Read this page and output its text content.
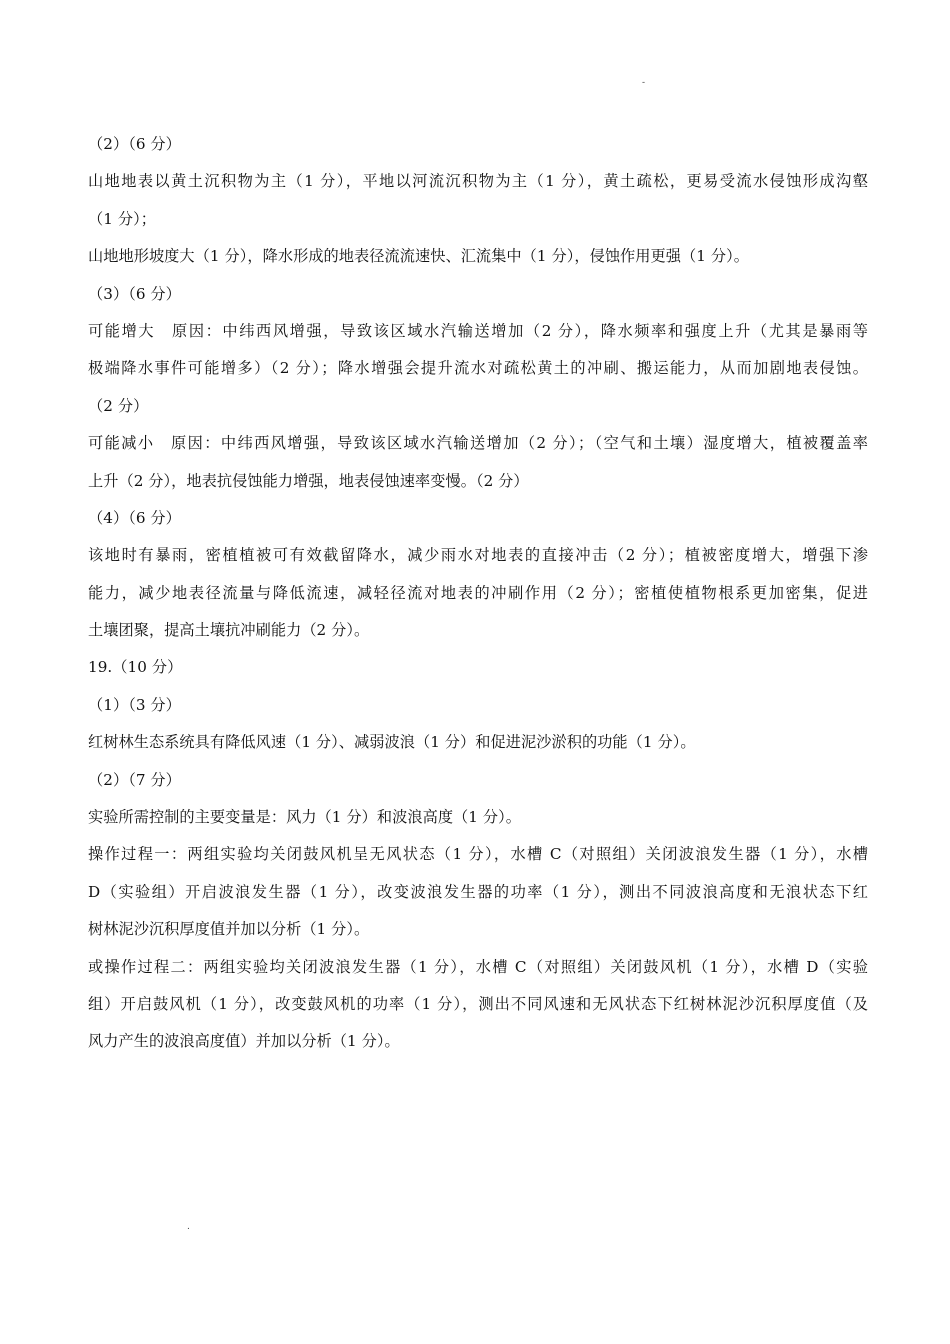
-
（2）（6 分）
山地地表以黄土沉积物为主（1 分），平地以河流沉积物为主（1 分），黄土疏松，更易受流水侵蚀形成沟壑
（1 分）；
山地地形坡度大（1 分），降水形成的地表径流流速快、汇流集中（1 分），侵蚀作用更强（1 分）。
（3）（6 分）
可能增大　原因：中纬西风增强，导致该区域水汽输送增加（2 分），降水频率和强度上升（尤其是暴雨等
极端降水事件可能增多）（2 分）；降水增强会提升流水对疏松黄土的冲刷、搬运能力，从而加剧地表侵蚀。
（2 分）
可能减小　原因：中纬西风增强，导致该区域水汽输送增加（2 分）；（空气和土壤）湿度增大，植被覆盖率
上升（2 分），地表抗侵蚀能力增强，地表侵蚀速率变慢。（2 分）
（4）（6 分）
该地时有暴雨，密植植被可有效截留降水，减少雨水对地表的直接冲击（2 分）；植被密度增大，增强下渗
能力，减少地表径流量与降低流速，减轻径流对地表的冲刷作用（2 分）；密植使植物根系更加密集，促进
土壤团聚，提高土壤抗冲刷能力（2 分）。
19.（10 分）
（1）（3 分）
红树林生态系统具有降低风速（1 分）、减弱波浪（1 分）和促进泥沙淤积的功能（1 分）。
（2）（7 分）
实验所需控制的主要变量是：风力（1 分）和波浪高度（1 分）。
操作过程一：两组实验均关闭鼓风机呈无风状态（1 分），水槽 C（对照组）关闭波浪发生器（1 分），水槽
D（实验组）开启波浪发生器（1 分），改变波浪发生器的功率（1 分），测出不同波浪高度和无浪状态下红
树林泥沙沉积厚度值并加以分析（1 分）。
或操作过程二：两组实验均关闭波浪发生器（1 分），水槽 C（对照组）关闭鼓风机（1 分），水槽 D（实验
组）开启鼓风机（1 分），改变鼓风机的功率（1 分），测出不同风速和无风状态下红树林泥沙沉积厚度值（及
风力产生的波浪高度值）并加以分析（1 分）。
.
